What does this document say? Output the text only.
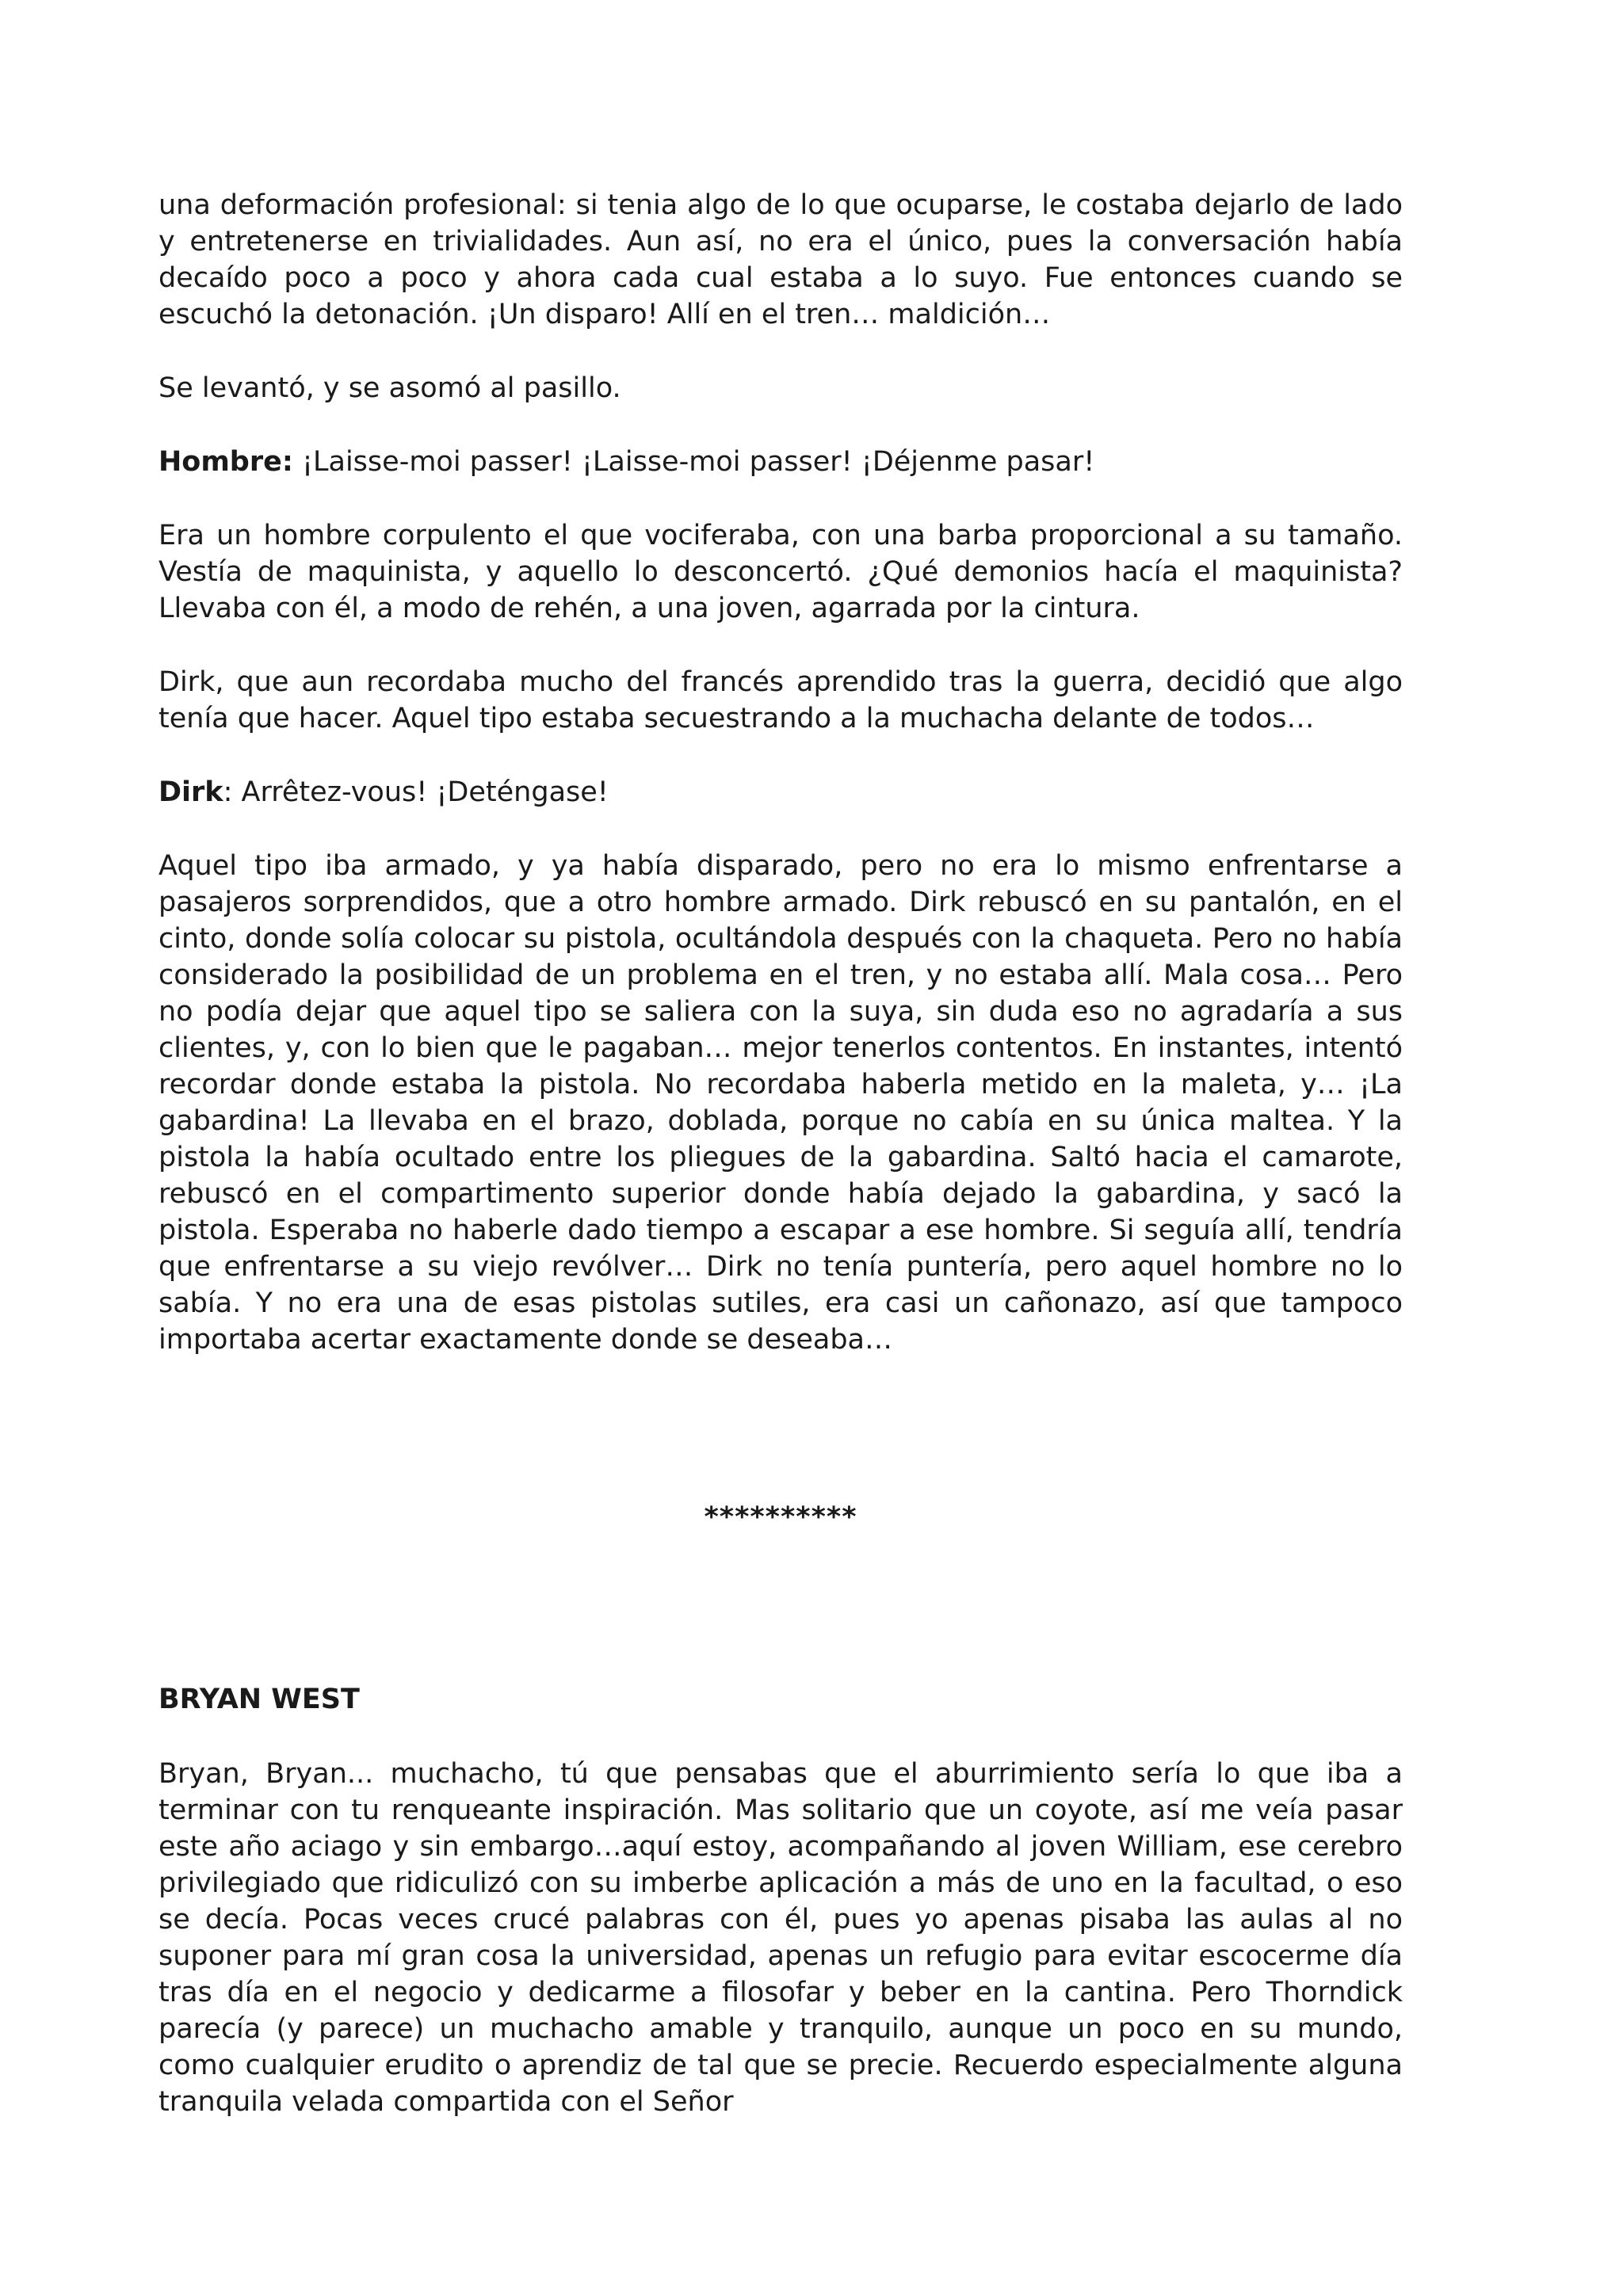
una deformación profesional: si tenia algo de lo que ocuparse, le costaba dejarlo de lado y entretenerse en trivialidades. Aun así, no era el único, pues la conversación había decaído poco a poco y ahora cada cual estaba a lo suyo. Fue entonces cuando se escuchó la detonación. ¡Un disparo! Allí en el tren… maldición…

Se levantó, y se asomó al pasillo.

Hombre: ¡Laisse-moi passer! ¡Laisse-moi passer! ¡Déjenme pasar!

Era un hombre corpulento el que vociferaba, con una barba proporcional a su tamaño. Vestía de maquinista, y aquello lo desconcertó. ¿Qué demonios hacía el maquinista? Llevaba con él, a modo de rehén, a una joven, agarrada por la cintura.

Dirk, que aun recordaba mucho del francés aprendido tras la guerra, decidió que algo tenía que hacer. Aquel tipo estaba secuestrando a la muchacha delante de todos…

Dirk: Arrêtez-vous! ¡Deténgase!

Aquel tipo iba armado, y ya había disparado, pero no era lo mismo enfrentarse a pasajeros sorprendidos, que a otro hombre armado. Dirk rebuscó en su pantalón, en el cinto, donde solía colocar su pistola, ocultándola después con la chaqueta. Pero no había considerado la posibilidad de un problema en el tren, y no estaba allí. Mala cosa… Pero no podía dejar que aquel tipo se saliera con la suya, sin duda eso no agradaría a sus clientes, y, con lo bien que le pagaban… mejor tenerlos contentos. En instantes, intentó recordar donde estaba la pistola. No recordaba haberla metido en la maleta, y… ¡La gabardina! La llevaba en el brazo, doblada, porque no cabía en su única maltea. Y la pistola la había ocultado entre los pliegues de la gabardina. Saltó hacia el camarote, rebuscó en el compartimento superior donde había dejado la gabardina, y sacó la pistola. Esperaba no haberle dado tiempo a escapar a ese hombre. Si seguía allí, tendría que enfrentarse a su viejo revólver… Dirk no tenía puntería, pero aquel hombre no lo sabía. Y no era una de esas pistolas sutiles, era casi un cañonazo, así que tampoco importaba acertar exactamente donde se deseaba…

**********
BRYAN WEST

Bryan, Bryan... muchacho, tú que pensabas que el aburrimiento sería lo que iba a terminar con tu renqueante inspiración. Mas solitario que un coyote, así me veía pasar este año aciago y sin embargo…aquí estoy, acompañando al joven William, ese cerebro privilegiado que ridiculizó con su imberbe aplicación a más de uno en la facultad, o eso se decía. Pocas veces crucé palabras con él, pues yo apenas pisaba las aulas al no suponer para mí gran cosa la universidad, apenas un refugio para evitar escocerme día tras día en el negocio y dedicarme a filosofar y beber en la cantina. Pero Thorndick parecía (y parece) un muchacho amable y tranquilo, aunque un poco en su mundo, como cualquier erudito o aprendiz de tal que se precie. Recuerdo especialmente alguna tranquila velada compartida con el Señor
